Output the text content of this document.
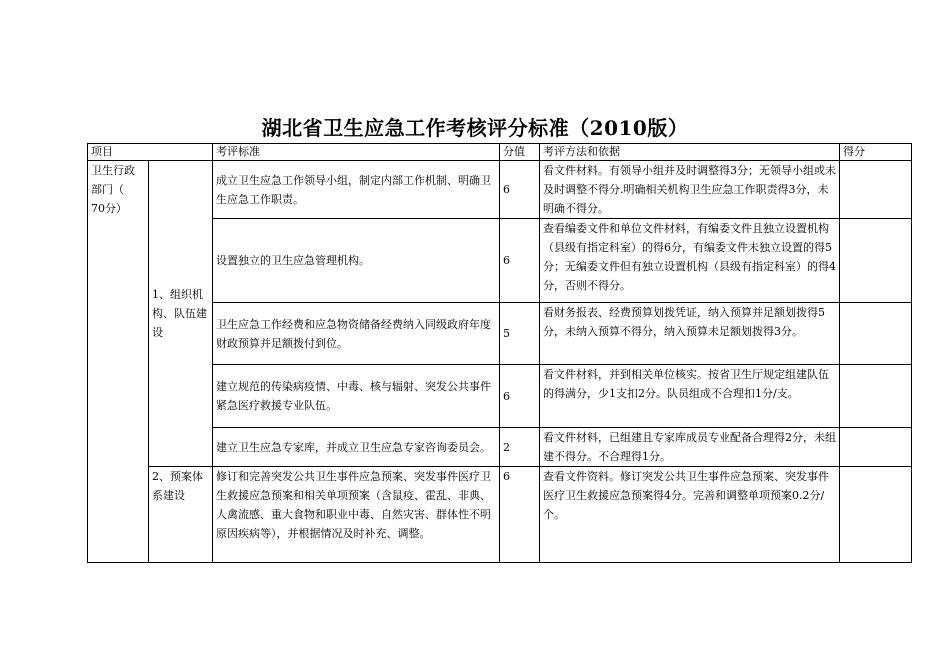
湖北省卫生应急工作考核评分标准（2010版）
项目		考评标准	分值	考评方法和依据	得分
卫生行政部门（　　70分）	1、组织机构、队伍建设	成立卫生应急工作领导小组，制定内部工作机制、明确卫生应急工作职责。	6	看文件材料。有领导小组并及时调整得3分；无领导小组或未及时调整不得分.明确相关机构卫生应急工作职责得3分，未明确不得分。	
		设置独立的卫生应急管理机构。	6	查看编委文件和单位文件材料，有编委文件且独立设置机构（县级有指定科室）的得6分，有编委文件未独立设置的得5分；无编委文件但有独立设置机构（县级有指定科室）的得4分，否则不得分。	
		卫生应急工作经费和应急物资储备经费纳入同级政府年度财政预算并足额拨付到位。	5	看财务报表、经费预算划拨凭证，纳入预算并足额划拨得5分，未纳入预算不得分，纳入预算未足额划拨得3分。	
		建立规范的传染病疫情、中毒、核与辐射、突发公共事件紧急医疗救援专业队伍。	6	看文件材料，并到相关单位核实。按省卫生厅规定组建队伍的得满分，少1支扣2分。队员组成不合理扣1分/支。	
		建立卫生应急专家库，并成立卫生应急专家咨询委员会。	2	看文件材料，已组建且专家库成员专业配备合理得2分，未组建不得分。不合理得1分。	
	2、预案体系建设	修订和完善突发公共卫生事件应急预案、突发事件医疗卫生救援应急预案和相关单项预案（含鼠疫、霍乱、非典、人禽流感、重大食物和职业中毒、自然灾害、群体性不明原因疾病等），并根据情况及时补充、调整。	6	查看文件资料。修订突发公共卫生事件应急预案、突发事件医疗卫生救援应急预案得4分。完善和调整单项预案0.2分/个。	
